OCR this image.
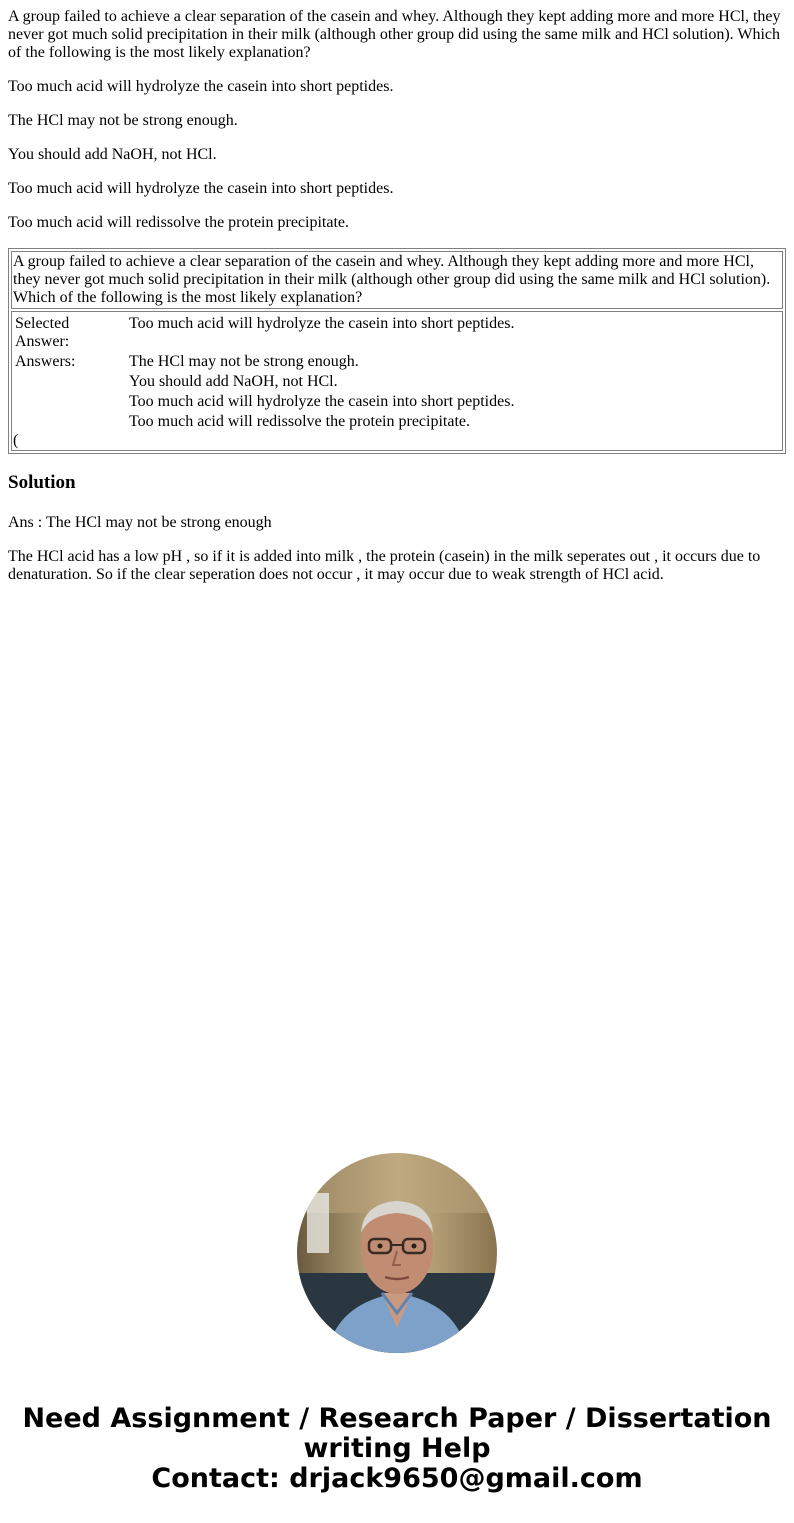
A group failed to achieve a clear separation of the casein and whey. Although they kept adding more and more HCl, they never got much solid precipitation in their milk (although other group did using the same milk and HCl solution). Which of the following is the most likely explanation?

Too much acid will hydrolyze the casein into short peptides.

The HCl may not be strong enough.

You should add NaOH, not HCl.

Too much acid will hydrolyze the casein into short peptides.

Too much acid will redissolve the protein precipitate.

A group failed to achieve a clear separation of the casein and whey. Although they kept adding more and more HCl, they never got much solid precipitation in their milk (although other group did using the same milk and HCl solution). Which of the following is the most likely explanation?

Selected Answer:	Too much acid will hydrolyze the casein into short peptides.
Answers:	The HCl may not be strong enough.
	You should add NaOH, not HCl.
	Too much acid will hydrolyze the casein into short peptides.
	Too much acid will redissolve the protein precipitate.
(
Solution

Ans : The HCl may not be strong enough

The HCl acid has a low pH , so if it is added into milk , the protein (casein) in the milk seperates out , it occurs due to denaturation. So if the clear seperation does not occur , it may occur due to weak strength of HCl acid.

Need Assignment / Research Paper / Dissertation
writing Help
Contact: drjack9650@gmail.com
